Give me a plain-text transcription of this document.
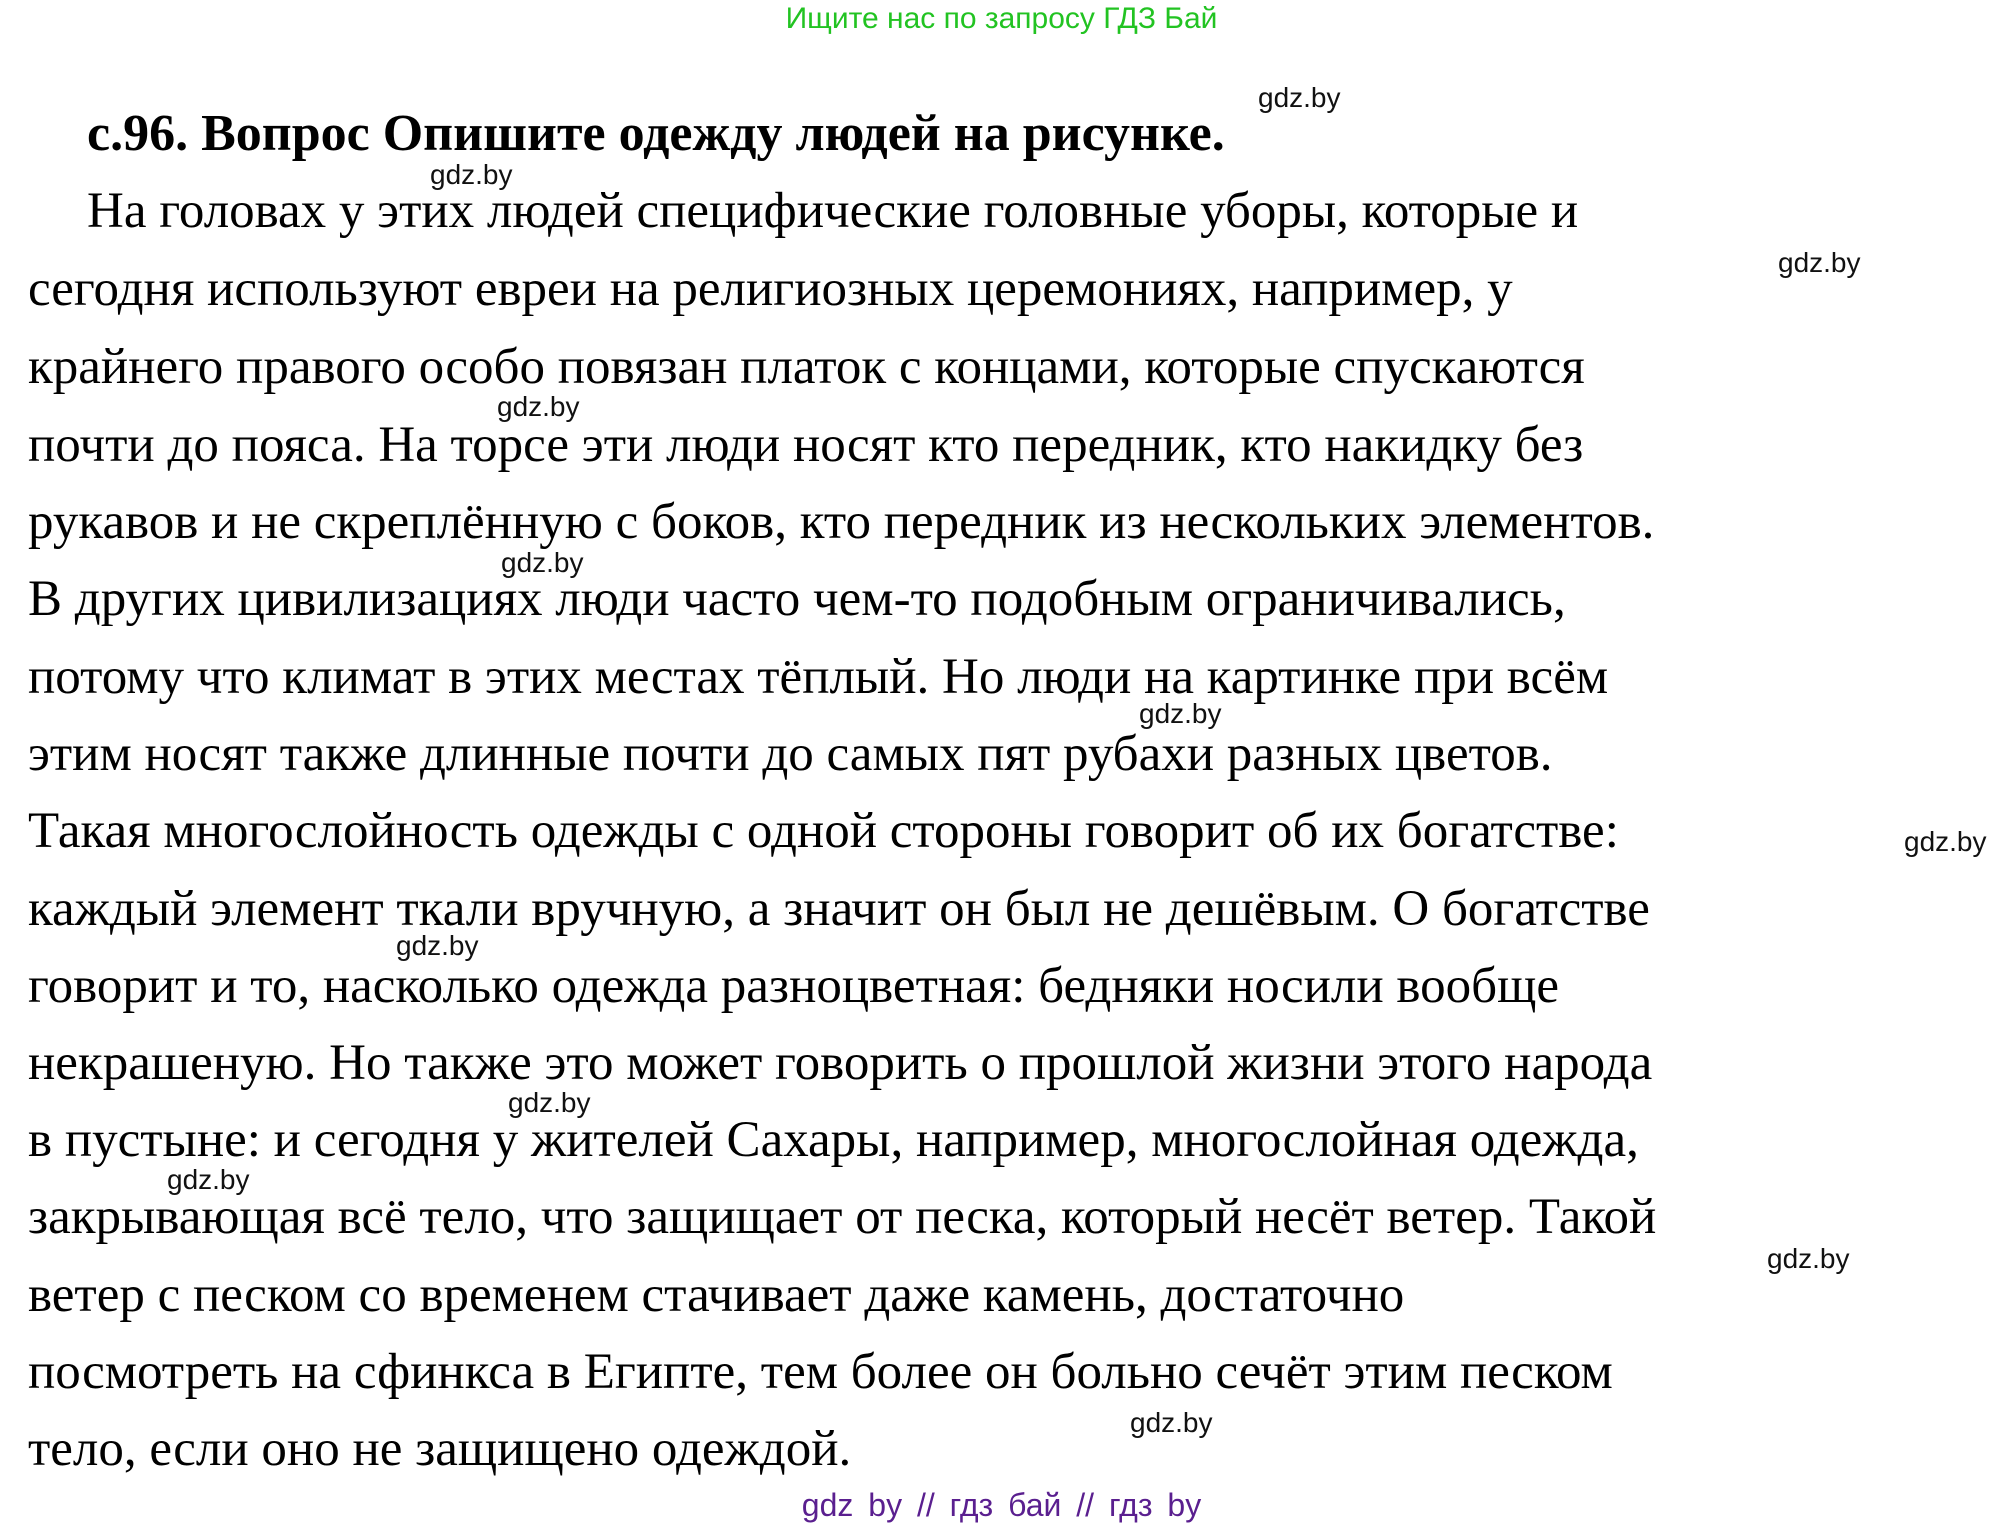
Ищите нас по запросу ГДЗ Бай
с.96. Вопрос Опишите одежду людей на рисунке.
На головах у этих людей специфические головные уборы, которые и
сегодня используют евреи на религиозных церемониях, например, у
крайнего правого особо повязан платок с концами, которые спускаются
почти до пояса. На торсе эти люди носят кто передник, кто накидку без
рукавов и не скреплённую с боков, кто передник из нескольких элементов.
В других цивилизациях люди часто чем-то подобным ограничивались,
потому что климат в этих местах тёплый. Но люди на картинке при всём
этим носят также длинные почти до самых пят рубахи разных цветов.
Такая многослойность одежды с одной стороны говорит об их богатстве:
каждый элемент ткали вручную, а значит он был не дешёвым. О богатстве
говорит и то, насколько одежда разноцветная: бедняки носили вообще
некрашеную. Но также это может говорить о прошлой жизни этого народа
в пустыне: и сегодня у жителей Сахары, например, многослойная одежда,
закрывающая всё тело, что защищает от песка, который несёт ветер. Такой
ветер с песком со временем стачивает даже камень, достаточно
посмотреть на сфинкса в Египте, тем более он больно сечёт этим песком
тело, если оно не защищено одеждой.
gdz.by
gdz.by
gdz.by
gdz.by
gdz.by
gdz.by
gdz.by
gdz.by
gdz.by
gdz.by
gdz.by
gdz.by
gdz by // гдз бай // гдз by
